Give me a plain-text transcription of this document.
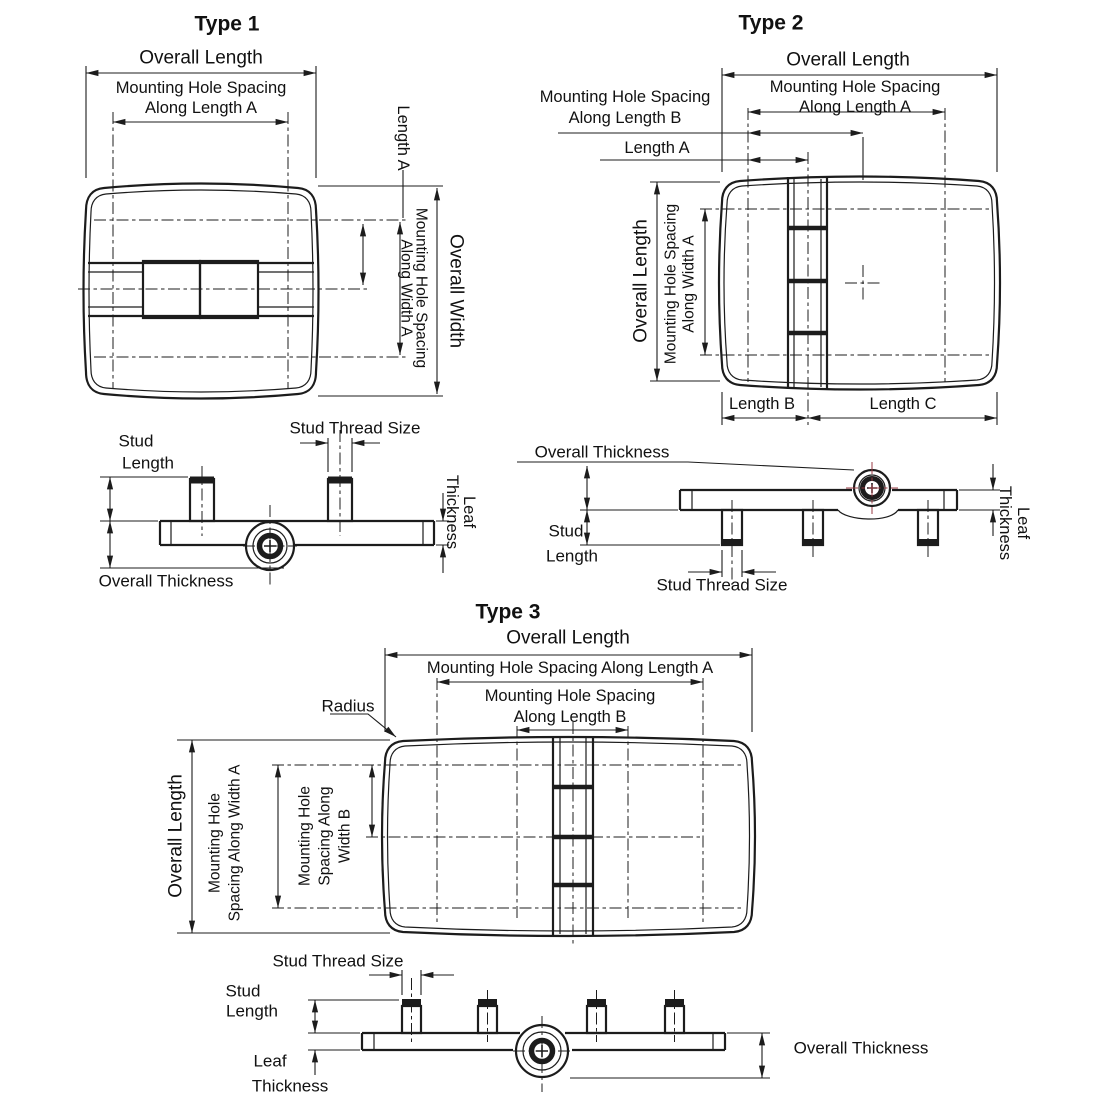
Type 1
Overall Length
Mounting Hole Spacing
Along Length A	Length A
Mounting Hole Spacing
Along Width A Overall Width
Stud Thread Size
Stud
Length
Overall Thickness
Leaf
Thickness
Type 2
Overall Length
Mounting Hole Spacing
Along Length A
Mounting Hole Spacing
Along Length B
Length A
Length B	Length C
Overall Length Mounting Hole Spacing Along Width A
Overall Thickness
Stud
Length
Stud Thread Size
Leaf
Thickness
Type 3
Overall Length
Mounting Hole Spacing Along Length A
Mounting Hole Spacing
Along Length B
Radius
Overall Length Mounting Hole Spacing Along Width A	Mounting Hole Spacing Along Width B
Stud Thread Size
Stud
Length
Leaf
Thickness
Overall Thickness
